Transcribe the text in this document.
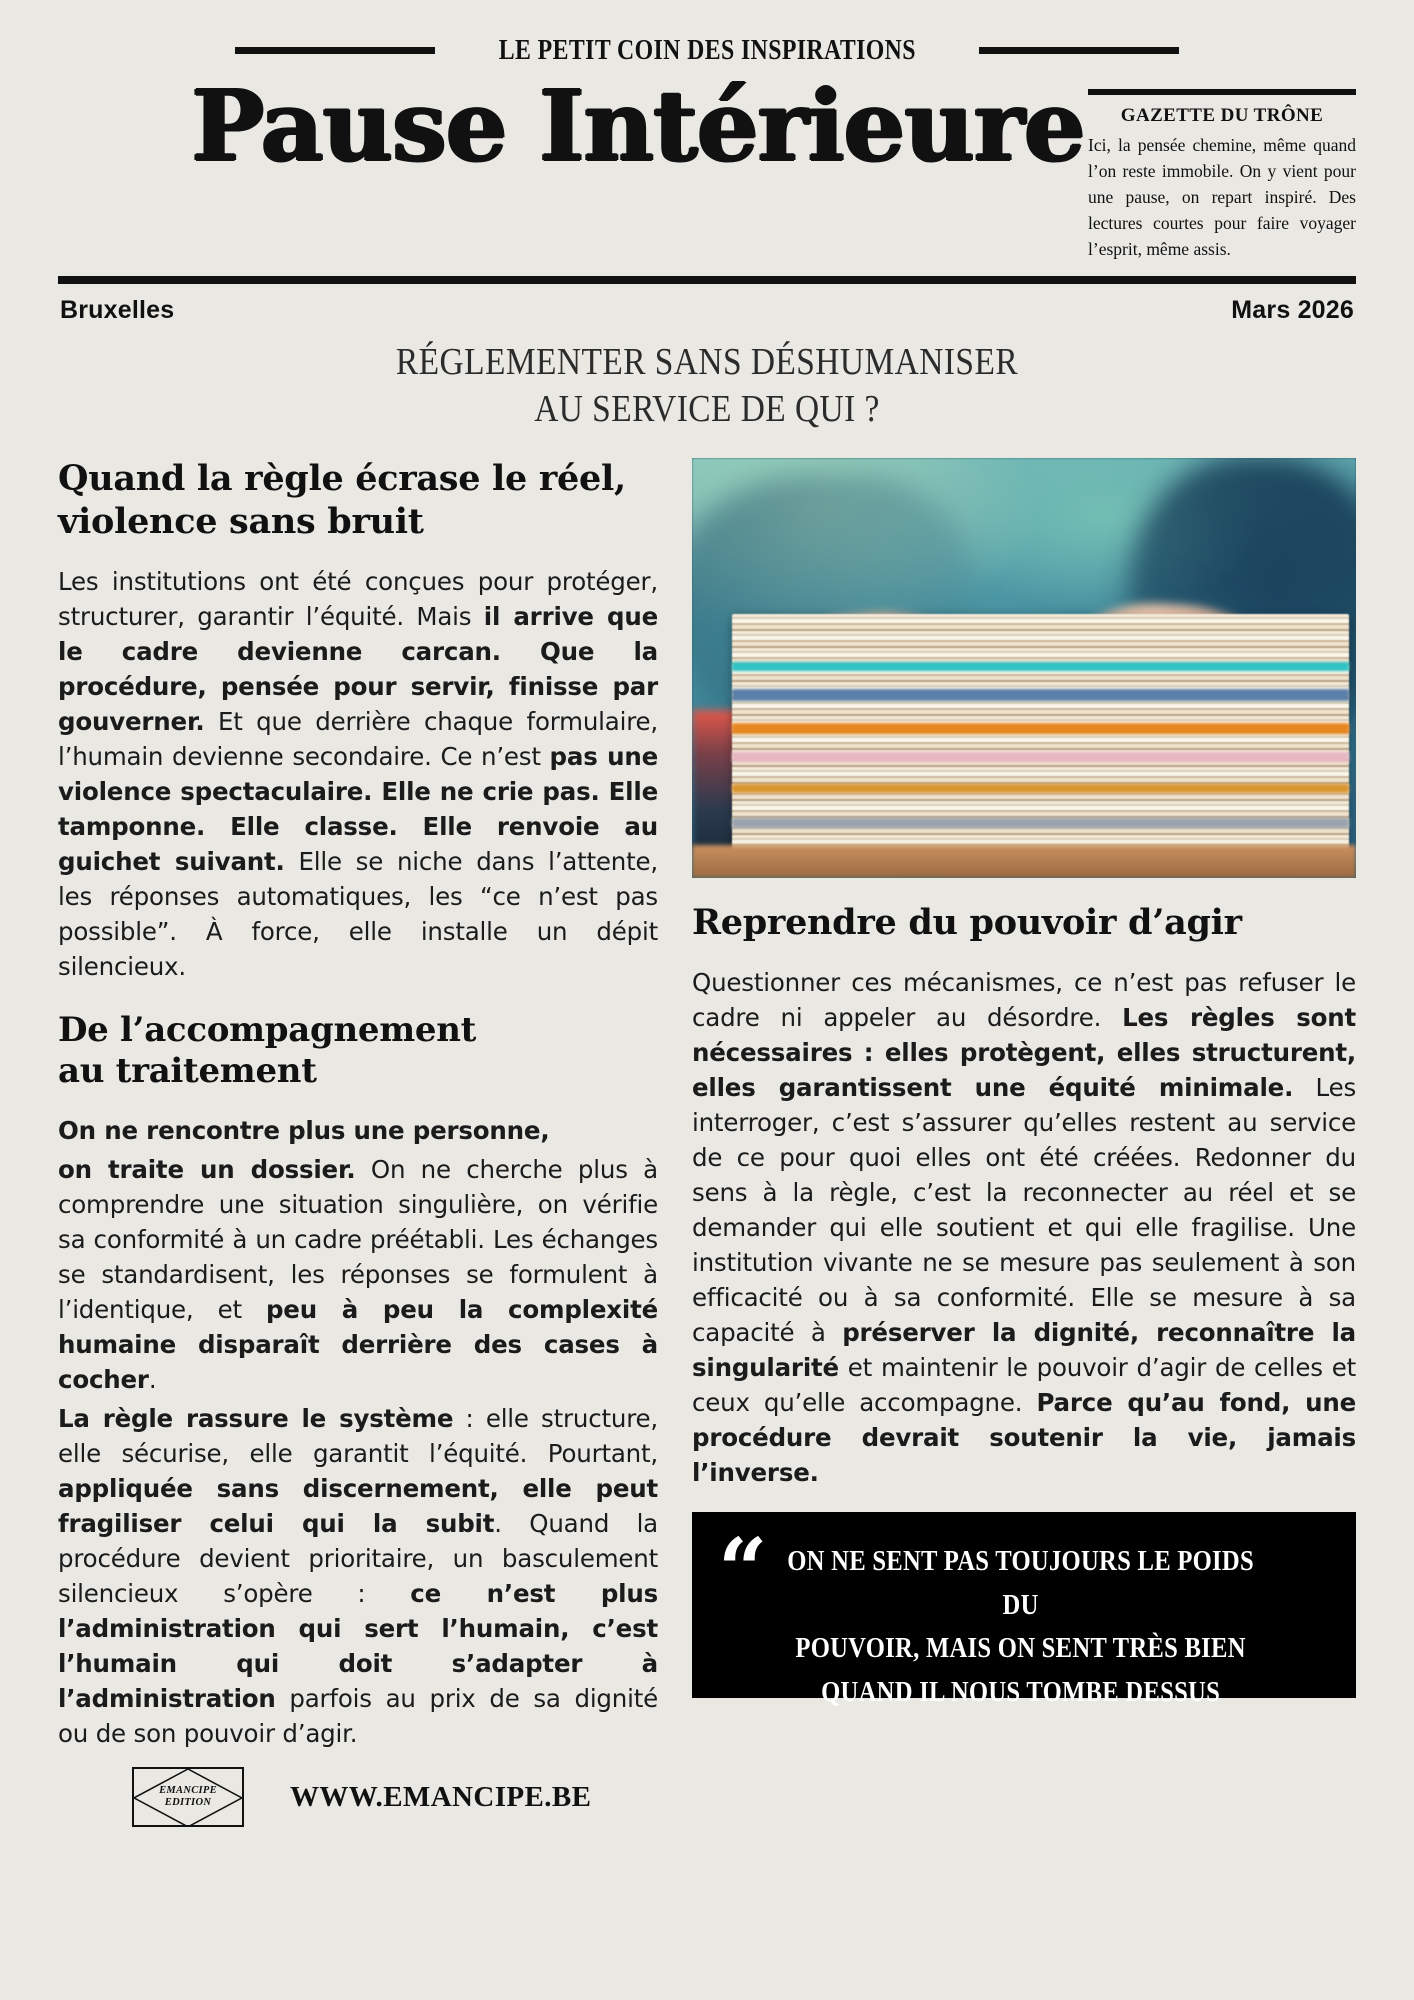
LE PETIT COIN DES INSPIRATIONS
Pause Intérieure	GAZETTE DU TRÔNE
Ici, la pensée chemine, même quand l’on reste immobile. On y vient pour une pause, on repart inspiré. Des lectures courtes pour faire voyager l’esprit, même assis.
Bruxelles	Mars 2026
RÉGLEMENTER SANS DÉSHUMANISER
AU SERVICE DE QUI ?
Quand la règle écrase le réel,
violence sans bruit

Les institutions ont été conçues pour protéger, structurer, garantir l’équité. Mais il arrive que le cadre devienne carcan. Que la procédure, pensée pour servir, finisse par gouverner. Et que derrière chaque formulaire, l’humain devienne secondaire. Ce n’est pas une violence spectaculaire. Elle ne crie pas. Elle tamponne. Elle classe. Elle renvoie au guichet suivant. Elle se niche dans l’attente, les réponses automatiques, les “ce n’est pas possible”. À force, elle installe un dépit silencieux.

De l’accompagnement
au traitement

On ne rencontre plus une personne,

on traite un dossier. On ne cherche plus à comprendre une situation singulière, on vérifie sa conformité à un cadre préétabli. Les échanges se standardisent, les réponses se formulent à l’identique, et peu à peu la complexité humaine disparaît derrière des cases à cocher.

La règle rassure le système : elle structure, elle sécurise, elle garantit l’équité. Pourtant, appliquée sans discernement, elle peut fragiliser celui qui la subit. Quand la procédure devient prioritaire, un basculement silencieux s’opère : ce n’est plus l’administration qui sert l’humain, c’est l’humain qui doit s’adapter à l’administration parfois au prix de sa dignité ou de son pouvoir d’agir.

Reprendre du pouvoir d’agir

Questionner ces mécanismes, ce n’est pas refuser le cadre ni appeler au désordre. Les règles sont nécessaires : elles protègent, elles structurent, elles garantissent une équité minimale. Les interroger, c’est s’assurer qu’elles restent au service de ce pour quoi elles ont été créées. Redonner du sens à la règle, c’est la reconnecter au réel et se demander qui elle soutient et qui elle fragilise. Une institution vivante ne se mesure pas seulement à son efficacité ou à sa conformité. Elle se mesure à sa capacité à préserver la dignité, reconnaître la singularité et maintenir le pouvoir d’agir de celles et ceux qu’elle accompagne. Parce qu’au fond, une procédure devrait soutenir la vie, jamais l’inverse.

“ ON NE SENT PAS TOUJOURS LE POIDS DU
POUVOIR, MAIS ON SENT TRÈS BIEN
QUAND IL NOUS TOMBE DESSUS
EMANCIPE
EDITION	WWW.EMANCIPE.BE
